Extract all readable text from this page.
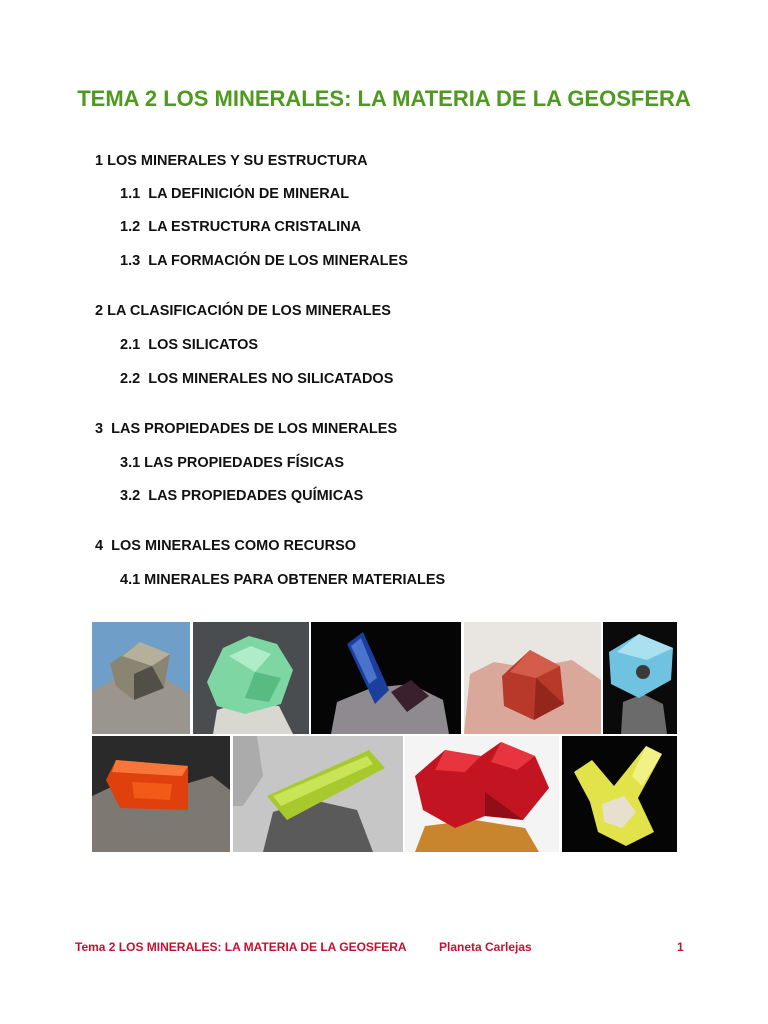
TEMA 2 LOS MINERALES: LA MATERIA DE LA GEOSFERA
1 LOS MINERALES Y SU ESTRUCTURA
1.1  LA DEFINICIÓN DE MINERAL
1.2  LA ESTRUCTURA CRISTALINA
1.3  LA FORMACIÓN DE LOS MINERALES
2 LA CLASIFICACIÓN DE LOS MINERALES
2.1  LOS SILICATOS
2.2  LOS MINERALES NO SILICATADOS
3  LAS PROPIEDADES DE LOS MINERALES
3.1 LAS PROPIEDADES FÍSICAS
3.2  LAS PROPIEDADES QUÍMICAS
4  LOS MINERALES COMO RECURSO
4.1 MINERALES PARA OBTENER MATERIALES
Tema 2 LOS MINERALES: LA MATERIA DE LA GEOSFERA	Planeta Carlejas	1
